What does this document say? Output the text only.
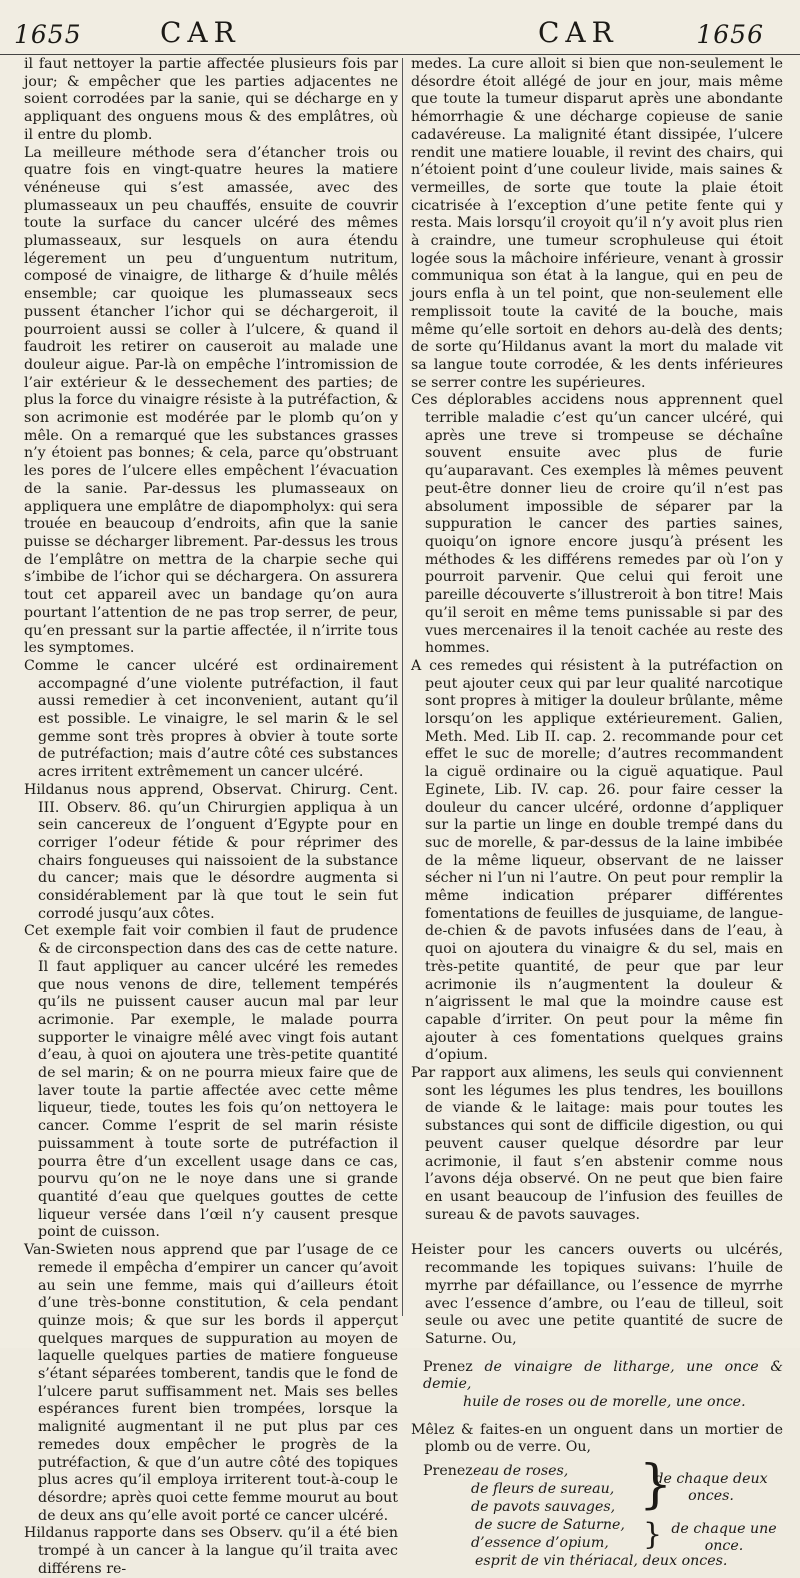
1655	CAR	CAR	1656

il faut nettoyer la partie affectée plusieurs fois par jour; & empêcher que les parties adjacentes ne soient corrodées par la sanie, qui se décharge en y appliquant des onguens mous & des emplâtres, où il entre du plomb.

La meilleure méthode sera d’étancher trois ou quatre fois en vingt-quatre heures la matiere vénéneuse qui s’est amassée, avec des plumasseaux un peu chauffés, ensuite de couvrir toute la surface du cancer ulcéré des mêmes plumasseaux, sur lesquels on aura étendu légerement un peu d’unguentum nutritum, composé de vinaigre, de litharge & d’huile mêlés ensemble; car quoique les plumasseaux secs pussent étancher l’ichor qui se déchargeroit, il pourroient aussi se coller à l’ulcere, & quand il faudroit les retirer on causeroit au malade une douleur aigue. Par-là on empêche l’intromission de l’air extérieur & le dessechement des parties; de plus la force du vinaigre résiste à la putréfaction, & son acrimonie est modérée par le plomb qu’on y mêle. On a remarqué que les substances grasses n’y étoient pas bonnes; & cela, parce qu’obstruant les pores de l’ulcere elles empêchent l’évacuation de la sanie. Par-dessus les plumasseaux on appliquera une emplâtre de diapompholyx: qui sera trouée en beaucoup d’endroits, afin que la sanie puisse se décharger librement. Par-dessus les trous de l’emplâtre on mettra de la charpie seche qui s’imbibe de l’ichor qui se déchargera. On assurera tout cet appareil avec un bandage qu’on aura pourtant l’attention de ne pas trop serrer, de peur, qu’en pressant sur la partie affectée, il n’irrite tous les symptomes.

Comme le cancer ulcéré est ordinairement accompagné d’une violente putréfaction, il faut aussi remedier à cet inconvenient, autant qu’il est possible. Le vinaigre, le sel marin & le sel gemme sont très propres à obvier à toute sorte de putréfaction; mais d’autre côté ces substances acres irritent extrêmement un cancer ulcéré.

Hildanus nous apprend, Observat. Chirurg. Cent. III. Observ. 86. qu’un Chirurgien appliqua à un sein cancereux de l’onguent d’Egypte pour en corriger l’odeur fétide & pour réprimer des chairs fongueuses qui naissoient de la substance du cancer; mais que le désordre augmenta si considérablement par là que tout le sein fut corrodé jusqu’aux côtes.

Cet exemple fait voir combien il faut de prudence & de circonspection dans des cas de cette nature. Il faut appliquer au cancer ulcéré les remedes que nous venons de dire, tellement tempérés qu’ils ne puissent causer aucun mal par leur acrimonie. Par exemple, le malade pourra supporter le vinaigre mêlé avec vingt fois autant d’eau, à quoi on ajoutera une très-petite quantité de sel marin; & on ne pourra mieux faire que de laver toute la partie affectée avec cette même liqueur, tiede, toutes les fois qu’on nettoyera le cancer. Comme l’esprit de sel marin résiste puissamment à toute sorte de putréfaction il pourra être d’un excellent usage dans ce cas, pourvu qu’on ne le noye dans une si grande quantité d’eau que quelques gouttes de cette liqueur versée dans l’œil n’y causent presque point de cuisson.

Van-Swieten nous apprend que par l’usage de ce remede il empêcha d’empirer un cancer qu’avoit au sein une femme, mais qui d’ailleurs étoit d’une très-bonne constitution, & cela pendant quinze mois; & que sur les bords il apperçut quelques marques de suppuration au moyen de laquelle quelques parties de matiere fongueuse s’étant séparées tomberent, tandis que le fond de l’ulcere parut suffisamment net. Mais ses belles espérances furent bien trompées, lorsque la malignité augmentant il ne put plus par ces remedes doux empêcher le progrès de la putréfaction, & que d’un autre côté des topiques plus acres qu’il employa irriterent tout-à-coup le désordre; après quoi cette femme mourut au bout de deux ans qu’elle avoit porté ce cancer ulcéré.

Hildanus rapporte dans ses Observ. qu’il a été bien trompé à un cancer à la langue qu’il traita avec différens re-

medes. La cure alloit si bien que non-seulement le désordre étoit allégé de jour en jour, mais même que toute la tumeur disparut après une abondante hémorrhagie & une décharge copieuse de sanie cadavéreuse. La malignité étant dissipée, l’ulcere rendit une matiere louable, il revint des chairs, qui n’étoient point d’une couleur livide, mais saines & vermeilles, de sorte que toute la plaie étoit cicatrisée à l’exception d’une petite fente qui y resta. Mais lorsqu’il croyoit qu’il n’y avoit plus rien à craindre, une tumeur scrophuleuse qui étoit logée sous la mâchoire inférieure, venant à grossir communiqua son état à la langue, qui en peu de jours enfla à un tel point, que non-seulement elle remplissoit toute la cavité de la bouche, mais même qu’elle sortoit en dehors au-delà des dents; de sorte qu’Hildanus avant la mort du malade vit sa langue toute corrodée, & les dents inférieures se serrer contre les supérieures.

Ces déplorables accidens nous apprennent quel terrible maladie c’est qu’un cancer ulcéré, qui après une treve si trompeuse se déchaîne souvent ensuite avec plus de furie qu’auparavant. Ces exemples là mêmes peuvent peut-être donner lieu de croire qu’il n’est pas absolument impossible de séparer par la suppuration le cancer des parties saines, quoiqu’on ignore encore jusqu’à présent les méthodes & les différens remedes par où l’on y pourroit parvenir. Que celui qui feroit une pareille découverte s’illustreroit à bon titre! Mais qu’il seroit en même tems punissable si par des vues mercenaires il la tenoit cachée au reste des hommes.

A ces remedes qui résistent à la putréfaction on peut ajouter ceux qui par leur qualité narcotique sont propres à mitiger la douleur brûlante, même lorsqu’on les applique extérieurement. Galien, Meth. Med. Lib II. cap. 2. recommande pour cet effet le suc de morelle; d’autres recommandent la ciguë ordinaire ou la ciguë aquatique. Paul Eginete, Lib. IV. cap. 26. pour faire cesser la douleur du cancer ulcéré, ordonne d’appliquer sur la partie un linge en double trempé dans du suc de morelle, & par-dessus de la laine imbibée de la même liqueur, observant de ne laisser sécher ni l’un ni l’autre. On peut pour remplir la même indication préparer différentes fomentations de feuilles de jusquiame, de langue-de-chien & de pavots infusées dans de l’eau, à quoi on ajoutera du vinaigre & du sel, mais en très-petite quantité, de peur que par leur acrimonie ils n’augmentent la douleur & n’aigrissent le mal que la moindre cause est capable d’irriter. On peut pour la même fin ajouter à ces fomentations quelques grains d’opium.

Par rapport aux alimens, les seuls qui conviennent sont les légumes les plus tendres, les bouillons de viande & le laitage: mais pour toutes les substances qui sont de difficile digestion, ou qui peuvent causer quelque désordre par leur acrimonie, il faut s’en abstenir comme nous l’avons déja observé. On ne peut que bien faire en usant beaucoup de l’infusion des feuilles de sureau & de pavots sauvages.

Heister pour les cancers ouverts ou ulcérés, recommande les topiques suivans: l’huile de myrrhe par défaillance, ou l’essence de myrrhe avec l’essence d’ambre, ou l’eau de tilleul, soit seule ou avec une petite quantité de sucre de Saturne. Ou,

Prenez de vinaigre de litharge, une once & demie,
huile de roses ou de morelle, une once.

Mêlez & faites-en un onguent dans un mortier de plomb ou de verre. Ou,

Prenez eau de roses,
de fleurs de sureau,
de pavots sauvages,
de sucre de Saturne,
d’essence d’opium,
esprit de vin thériacal, deux onces.
}
de chaque deux onces.
} de chaque une once.
